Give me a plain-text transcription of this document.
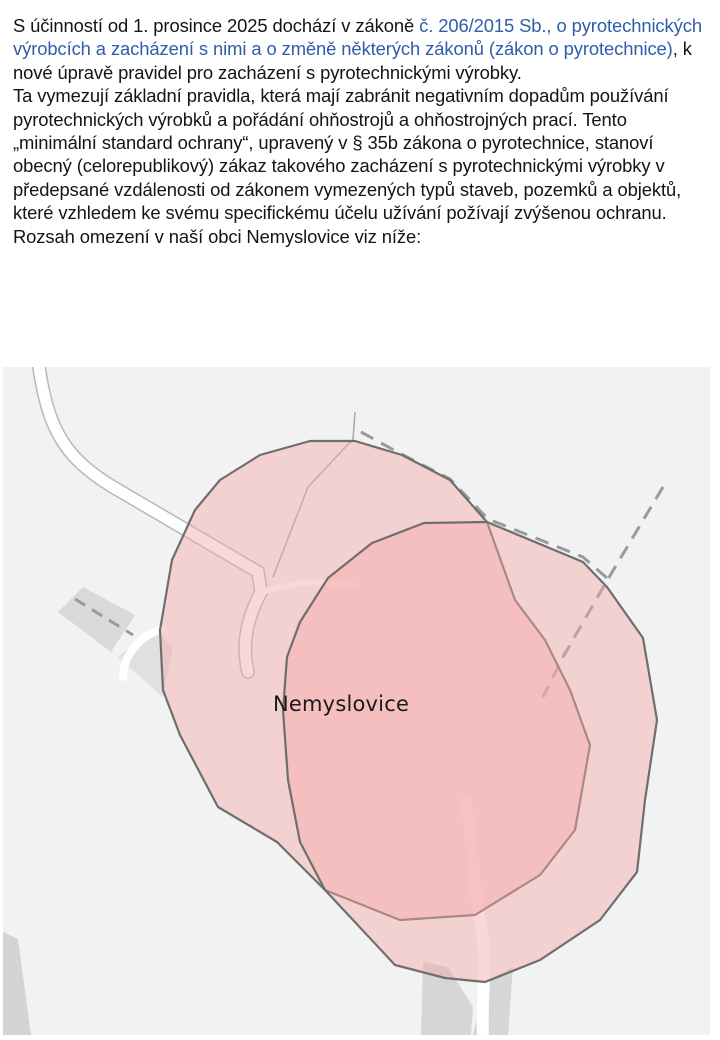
S účinností od 1. prosince 2025 dochází v zákoně č. 206/2015 Sb., o pyrotechnických výrobcích a zacházení s nimi a o změně některých zákonů (zákon o pyrotechnice), k nové úpravě pravidel pro zacházení s pyrotechnickými výrobky.

Ta vymezují základní pravidla, která mají zabránit negativním dopadům používání pyrotechnických výrobků a pořádání ohňostrojů a ohňostrojných prací. Tento „minimální standard ochrany“, upravený v § 35b zákona o pyrotechnice, stanoví obecný (celorepublikový) zákaz takového zacházení s pyrotechnickými výrobky v předepsané vzdálenosti od zákonem vymezených typů staveb, pozemků a objektů, které vzhledem ke svému specifickému účelu užívání požívají zvýšenou ochranu.

Rozsah omezení v naší obci Nemyslovice viz níže:

Nemyslovice
